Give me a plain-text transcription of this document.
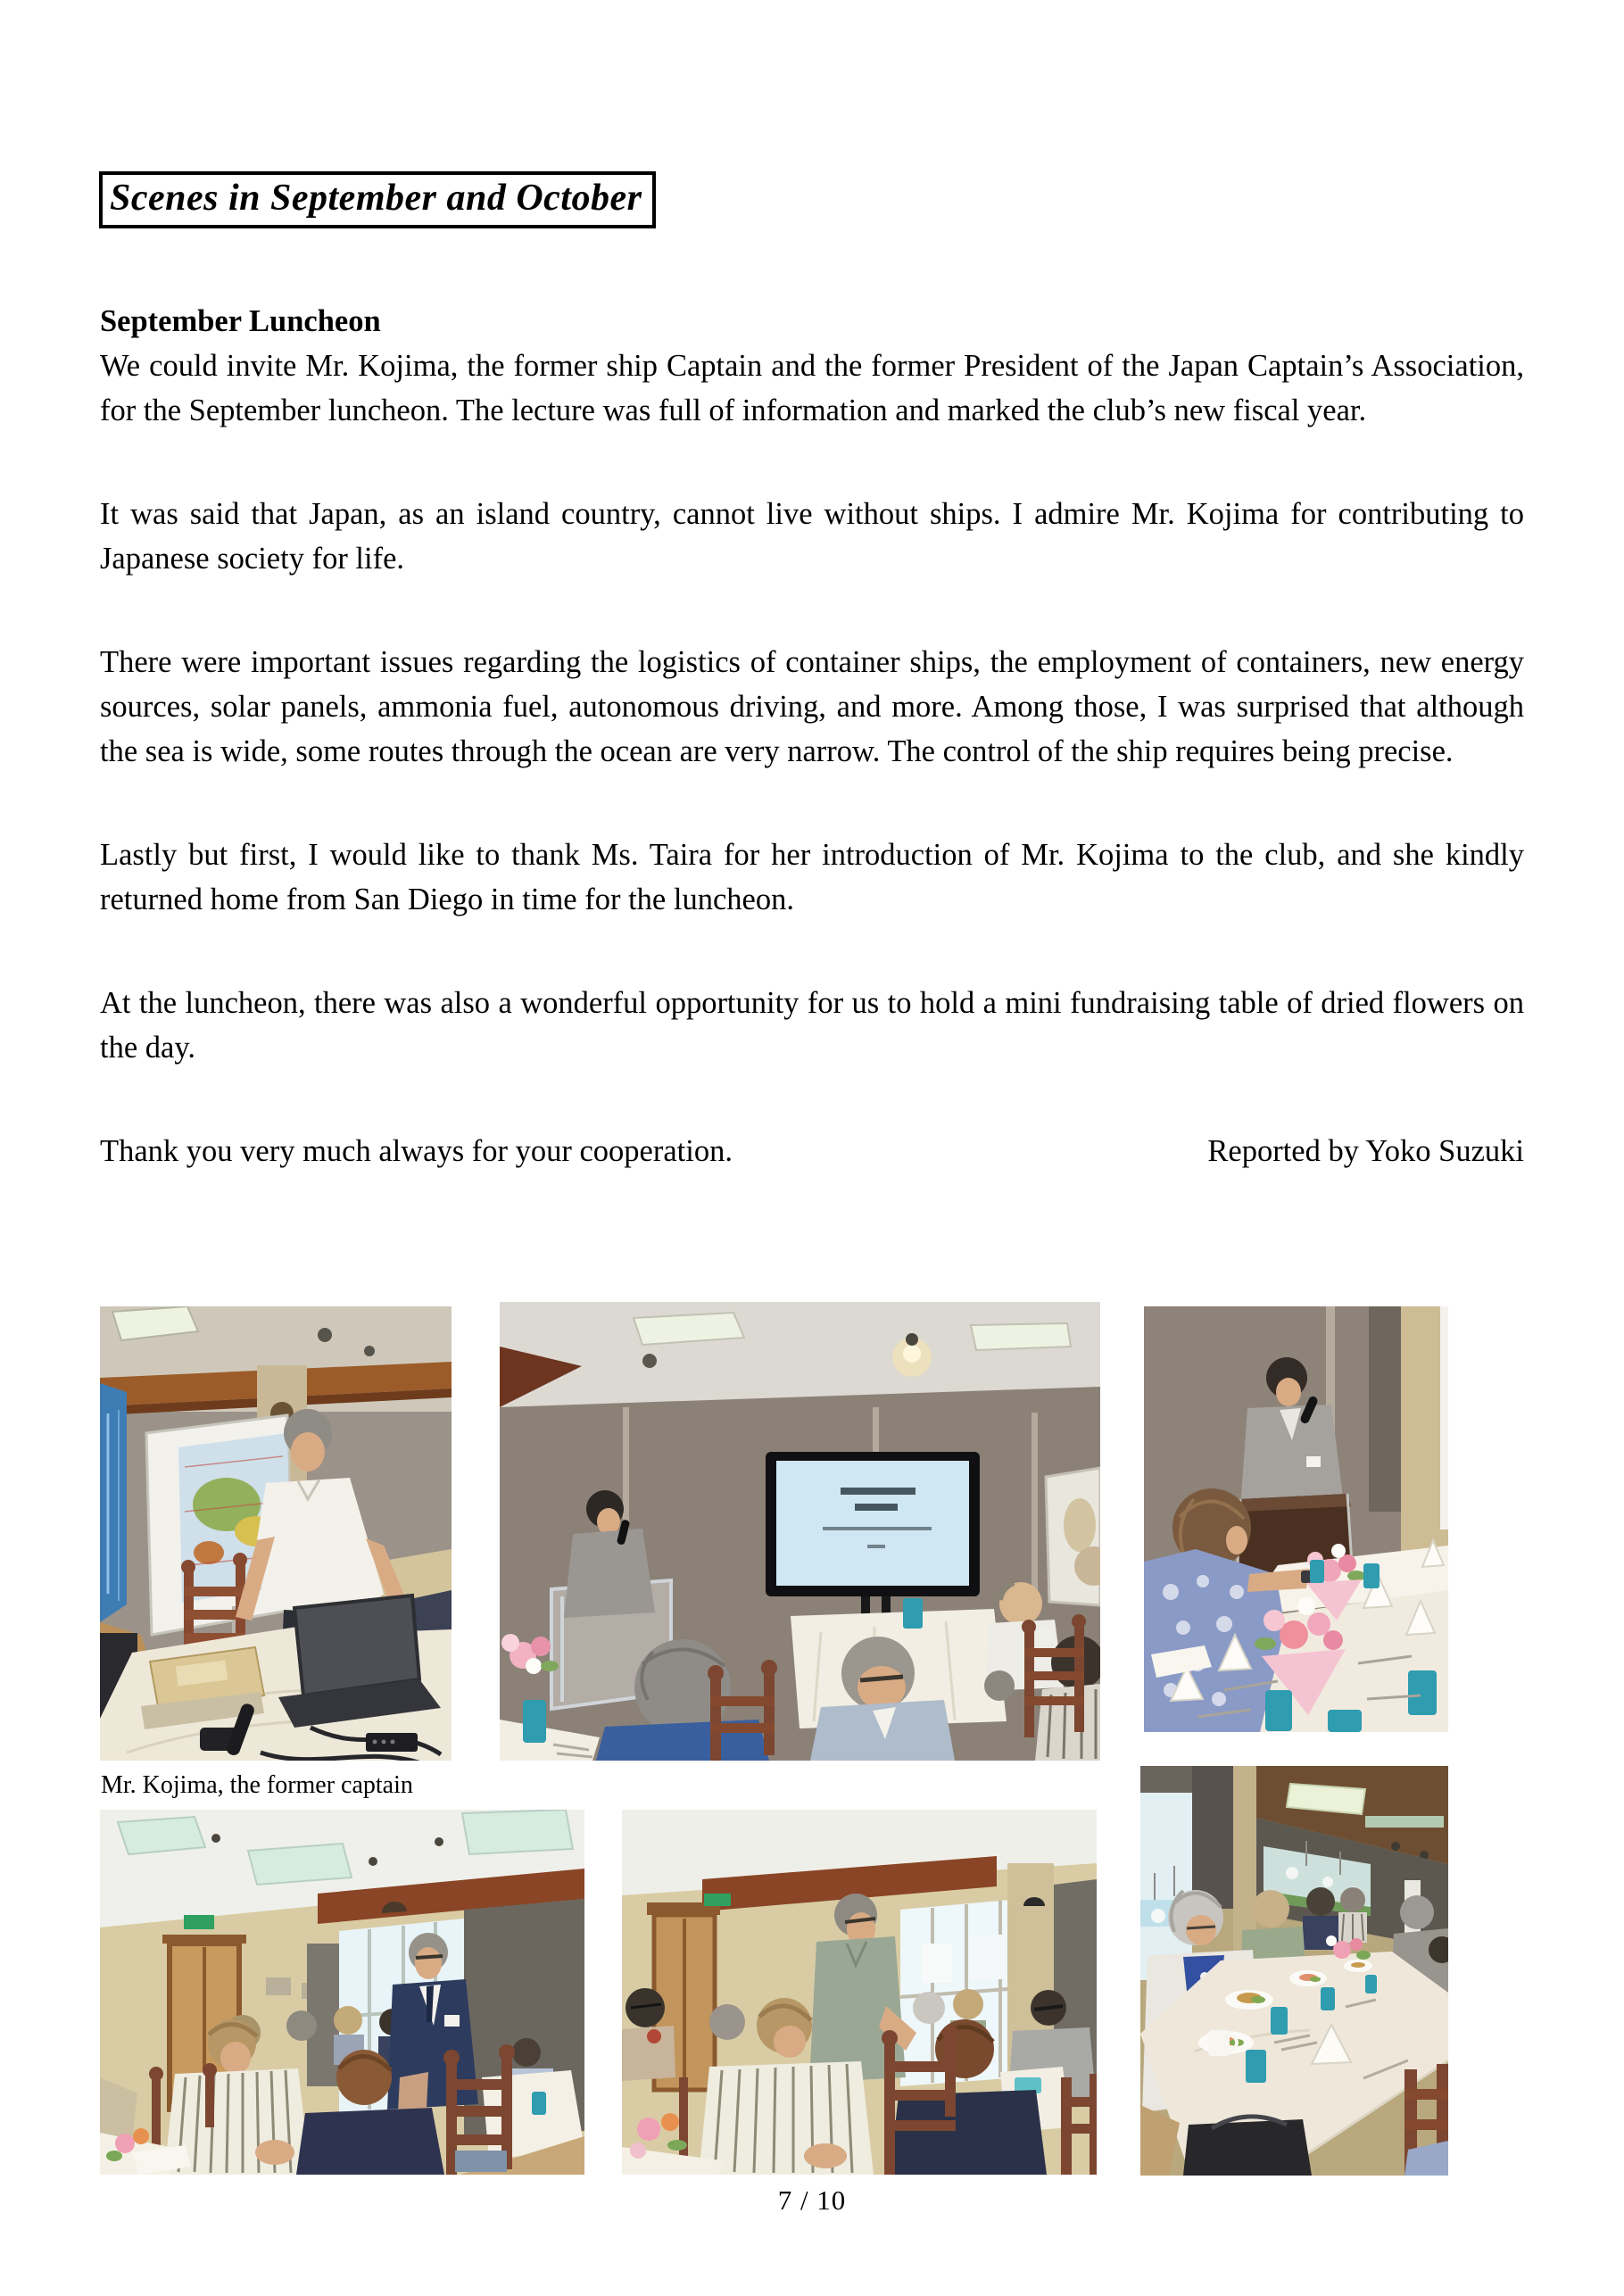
Scenes in September and October

September Luncheon

We could invite Mr. Kojima, the former ship Captain and the former President of the Japan Captain’s Association, for the September luncheon. The lecture was full of information and marked the club’s new fiscal year.

It was said that Japan, as an island country, cannot live without ships. I admire Mr. Kojima for contributing to Japanese society for life.

There were important issues regarding the logistics of container ships, the employment of containers, new energy sources, solar panels, ammonia fuel, autonomous driving, and more. Among those, I was surprised that although the sea is wide, some routes through the ocean are very narrow. The control of the ship requires being precise.

Lastly but first, I would like to thank Ms. Taira for her introduction of Mr. Kojima to the club, and she kindly returned home from San Diego in time for the luncheon.

At the luncheon, there was also a wonderful opportunity for us to hold a mini fundraising table of dried flowers on the day.

Thank you very much always for your cooperation.	Reported by Yoko Suzuki
Mr. Kojima, the former captain
7 / 10
